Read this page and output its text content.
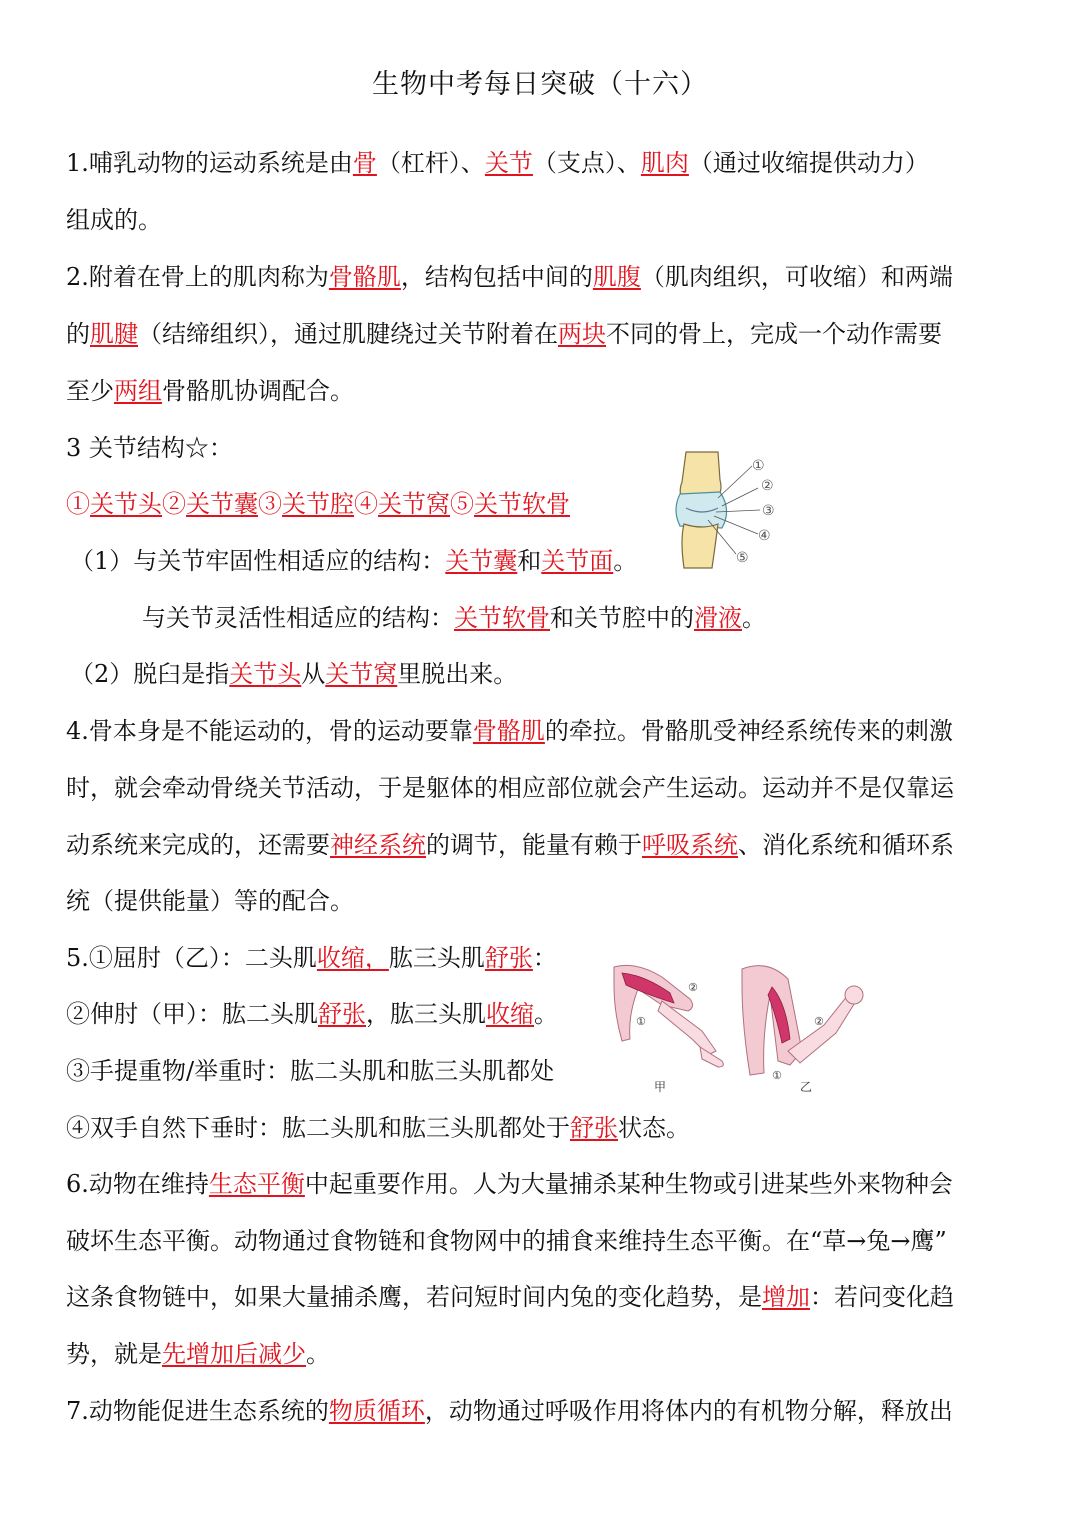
生物中考每日突破（十六）
1.哺乳动物的运动系统是由骨（杠杆）、关节（支点）、肌肉（通过收缩提供动力）
组成的。
2.附着在骨上的肌肉称为骨骼肌，结构包括中间的肌腹（肌肉组织，可收缩）和两端
的肌腱（结缔组织），通过肌腱绕过关节附着在两块不同的骨上，完成一个动作需要
至少两组骨骼肌协调配合。
3 关节结构☆：
①关节头②关节囊③关节腔④关节窝⑤关节软骨
（1）与关节牢固性相适应的结构：关节囊和关节面。
与关节灵活性相适应的结构：关节软骨和关节腔中的滑液。
（2）脱臼是指关节头从关节窝里脱出来。
①
②
③
④
⑤
4.骨本身是不能运动的，骨的运动要靠骨骼肌的牵拉。骨骼肌受神经系统传来的刺激
时，就会牵动骨绕关节活动，于是躯体的相应部位就会产生运动。运动并不是仅靠运
动系统来完成的，还需要神经系统的调节，能量有赖于呼吸系统、消化系统和循环系
统（提供能量）等的配合。
5.①屈肘（乙）：二头肌收缩，肱三头肌舒张：
②伸肘（甲）：肱二头肌舒张，肱三头肌收缩。
③手提重物/举重时：肱二头肌和肱三头肌都处
④双手自然下垂时：肱二头肌和肱三头肌都处于舒张状态。
①
②
甲
①
②
乙
6.动物在维持生态平衡中起重要作用。人为大量捕杀某种生物或引进某些外来物种会
破坏生态平衡。动物通过食物链和食物网中的捕食来维持生态平衡。在“草→兔→鹰”
这条食物链中，如果大量捕杀鹰，若问短时间内兔的变化趋势，是增加：若问变化趋
势，就是先增加后减少。
7.动物能促进生态系统的物质循环，动物通过呼吸作用将体内的有机物分解，释放出
